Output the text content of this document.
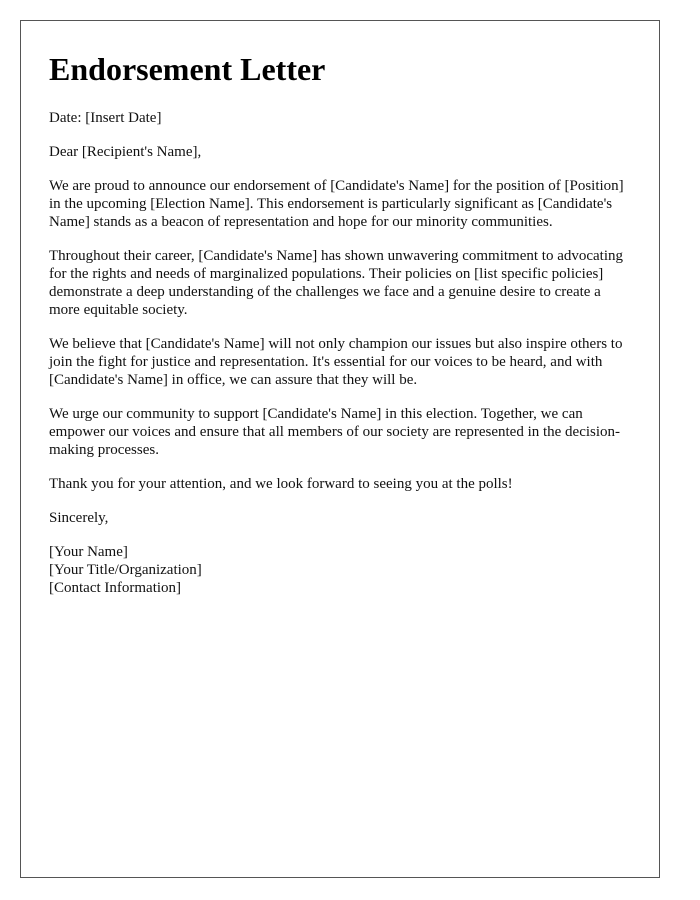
Endorsement Letter

Date: [Insert Date]

Dear [Recipient's Name],

We are proud to announce our endorsement of [Candidate's Name] for the position of [Position] in the upcoming [Election Name]. This endorsement is particularly significant as [Candidate's Name] stands as a beacon of representation and hope for our minority communities.

Throughout their career, [Candidate's Name] has shown unwavering commitment to advocating for the rights and needs of marginalized populations. Their policies on [list specific policies] demonstrate a deep understanding of the challenges we face and a genuine desire to create a more equitable society.

We believe that [Candidate's Name] will not only champion our issues but also inspire others to join the fight for justice and representation. It's essential for our voices to be heard, and with [Candidate's Name] in office, we can assure that they will be.

We urge our community to support [Candidate's Name] in this election. Together, we can empower our voices and ensure that all members of our society are represented in the decision-making processes.

Thank you for your attention, and we look forward to seeing you at the polls!

Sincerely,

[Your Name]

[Your Title/Organization]

[Contact Information]
